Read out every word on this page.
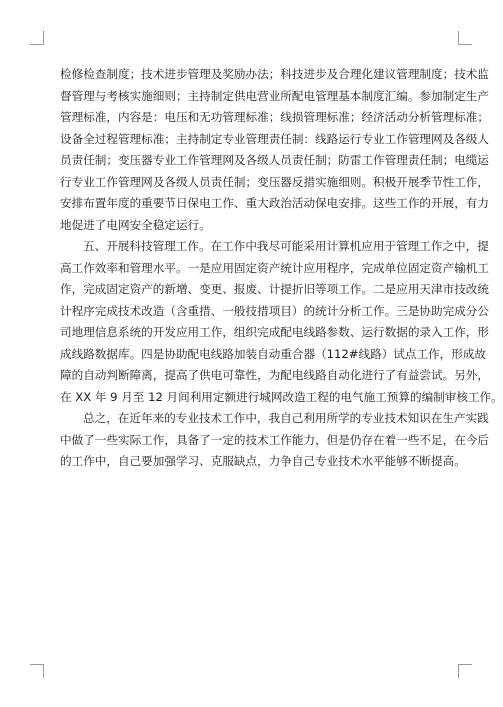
检修检查制度；技术进步管理及奖励办法；科技进步及合理化建议管理制度；技术监
督管理与考核实施细则；主持制定供电营业所配电管理基本制度汇编。参加制定生产
管理标准，内容是：电压和无功管理标准；线损管理标准；经济活动分析管理标准；
设备全过程管理标准；主持制定专业管理责任制：线路运行专业工作管理网及各级人
员责任制；变压器专业工作管理网及各级人员责任制；防雷工作管理责任制；电缆运
行专业工作管理网及各级人员责任制；变压器反措实施细则。积极开展季节性工作，
安排布置年度的重要节日保电工作、重大政治活动保电安排。这些工作的开展，有力
地促进了电网安全稳定运行。
五、开展科技管理工作。在工作中我尽可能采用计算机应用于管理工作之中，提
高工作效率和管理水平。一是应用固定资产统计应用程序，完成单位固定资产输机工
作，完成固定资产的新增、变更、报废、计提折旧等项工作。二是应用天津市技改统
计程序完成技术改造（含重措、一般技措项目）的统计分析工作。三是协助完成分公
司地理信息系统的开发应用工作，组织完成配电线路参数、运行数据的录入工作，形
成线路数据库。四是协助配电线路加装自动重合器（112#线路）试点工作，形成故
障的自动判断障离，提高了供电可靠性，为配电线路自动化进行了有益尝试。另外，
在 XX 年 9 月至 12 月间利用定额进行城网改造工程的电气施工预算的编制审核工作。
总之，在近年来的专业技术工作中，我自己利用所学的专业技术知识在生产实践
中做了一些实际工作，具备了一定的技术工作能力，但是仍存在着一些不足，在今后
的工作中，自己要加强学习、克服缺点，力争自己专业技术水平能够不断提高。
